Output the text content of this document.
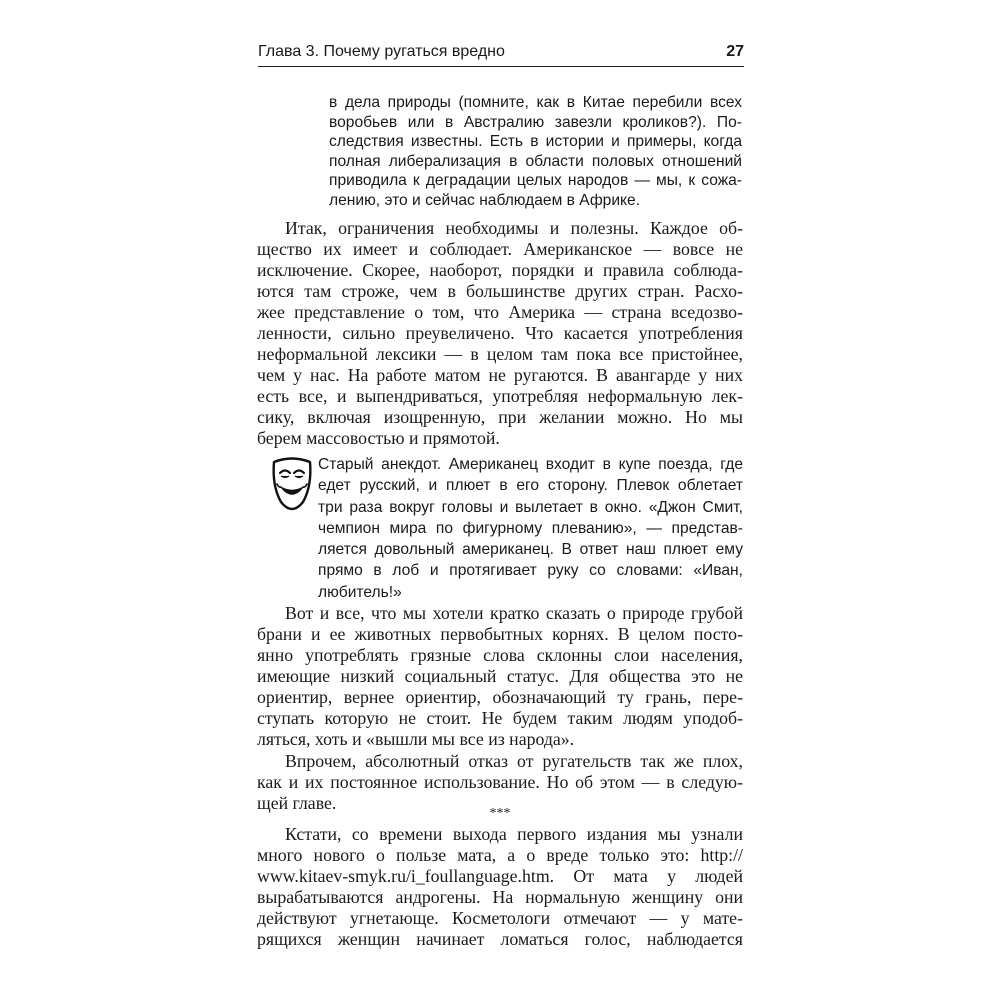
Глава 3. Почему ругаться вредно	27
в дела природы (помните, как в Китае перебили всех
воробьев или в Австралию завезли кроликов?). По-
следствия известны. Есть в истории и примеры, когда
полная либерализация в области половых отношений
приводила к деградации целых народов — мы, к сожа-
лению, это и сейчас наблюдаем в Африке.
Итак, ограничения необходимы и полезны. Каждое об-
щество их имеет и соблюдает. Американское — вовсе не
исключение. Скорее, наоборот, порядки и правила соблюда-
ются там строже, чем в большинстве других стран. Расхо-
жее представление о том, что Америка — страна вседозво-
ленности, сильно преувеличено. Что касается употребления
неформальной лексики — в целом там пока все пристойнее,
чем у нас. На работе матом не ругаются. В авангарде у них
есть все, и выпендриваться, употребляя неформальную лек-
сику, включая изощренную, при желании можно. Но мы
берем массовостью и прямотой.
Старый анекдот. Американец входит в купе поезда, где
едет русский, и плюет в его сторону. Плевок облетает
три раза вокруг головы и вылетает в окно. «Джон Смит,
чемпион мира по фигурному плеванию», — представ-
ляется довольный американец. В ответ наш плюет ему
прямо в лоб и протягивает руку со словами: «Иван,
любитель!»
Вот и все, что мы хотели кратко сказать о природе грубой
брани и ее животных первобытных корнях. В целом посто-
янно употреблять грязные слова склонны слои населения,
имеющие низкий социальный статус. Для общества это не
ориентир, вернее ориентир, обозначающий ту грань, пере-
ступать которую не стоит. Не будем таким людям уподоб-
ляться, хоть и «вышли мы все из народа».
Впрочем, абсолютный отказ от ругательств так же плох,
как и их постоянное использование. Но об этом — в следую-
щей главе.
***
Кстати, со времени выхода первого издания мы узнали
много нового о пользе мата, а о вреде только это: http://
www.kitaev-smyk.ru/i_foullanguage.htm. От мата у людей
вырабатываются андрогены. На нормальную женщину они
действуют угнетающе. Косметологи отмечают — у мате-
рящихся женщин начинает ломаться голос, наблюдается
